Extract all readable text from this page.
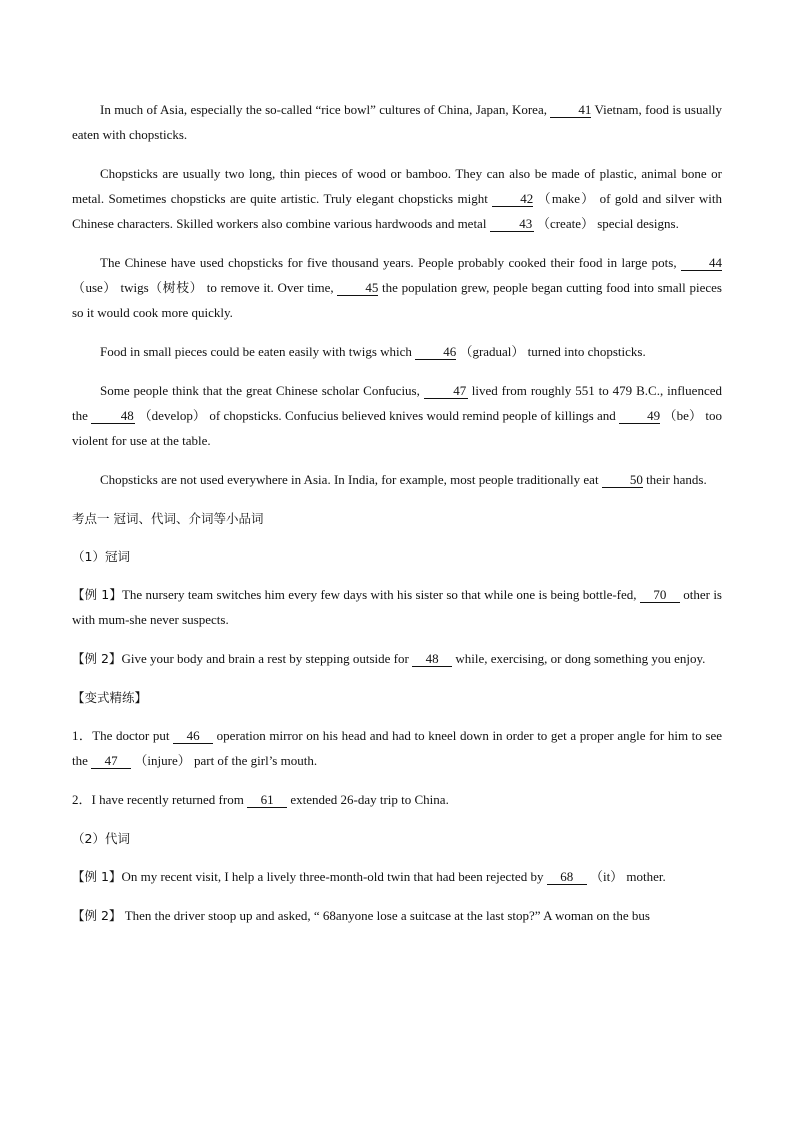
In much of Asia, especially the so-called “rice bowl” cultures of China, Japan, Korea, 41 Vietnam, food is usually eaten with chopsticks.

Chopsticks are usually two long, thin pieces of wood or bamboo. They can also be made of plastic, animal bone or metal. Sometimes chopsticks are quite artistic. Truly elegant chopsticks might 42 （make） of gold and silver with Chinese characters. Skilled workers also combine various hardwoods and metal 43 （create） special designs.

The Chinese have used chopsticks for five thousand years. People probably cooked their food in large pots, 44 （use） twigs（树枝） to remove it. Over time, 45 the population grew, people began cutting food into small pieces so it would cook more quickly.

Food in small pieces could be eaten easily with twigs which 46 （gradual） turned into chopsticks.

Some people think that the great Chinese scholar Confucius, 47 lived from roughly 551 to 479 B.C., influenced the 48 （develop） of chopsticks. Confucius believed knives would remind people of killings and 49 （be） too violent for use at the table.

Chopsticks are not used everywhere in Asia. In India, for example, most people traditionally eat 50 their hands.

考点一 冠词、代词、介词等小品词

（1）冠词

【例 1】The nursery team switches him every few days with his sister so that while one is being bottle-fed, 70 other is with mum-she never suspects.

【例 2】Give your body and brain a rest by stepping outside for 48 while, exercising, or dong something you enjoy.

【变式精练】

1．The doctor put 46 operation mirror on his head and had to kneel down in order to get a proper angle for him to see the 47 （injure） part of the girl’s mouth.

2．I have recently returned from 61 extended 26-day trip to China.

（2）代词

【例 1】On my recent visit, I help a lively three-month-old twin that had been rejected by 68 （it） mother.

【例 2】 Then the driver stoop up and asked, “ 68anyone lose a suitcase at the last stop?” A woman on the bus
